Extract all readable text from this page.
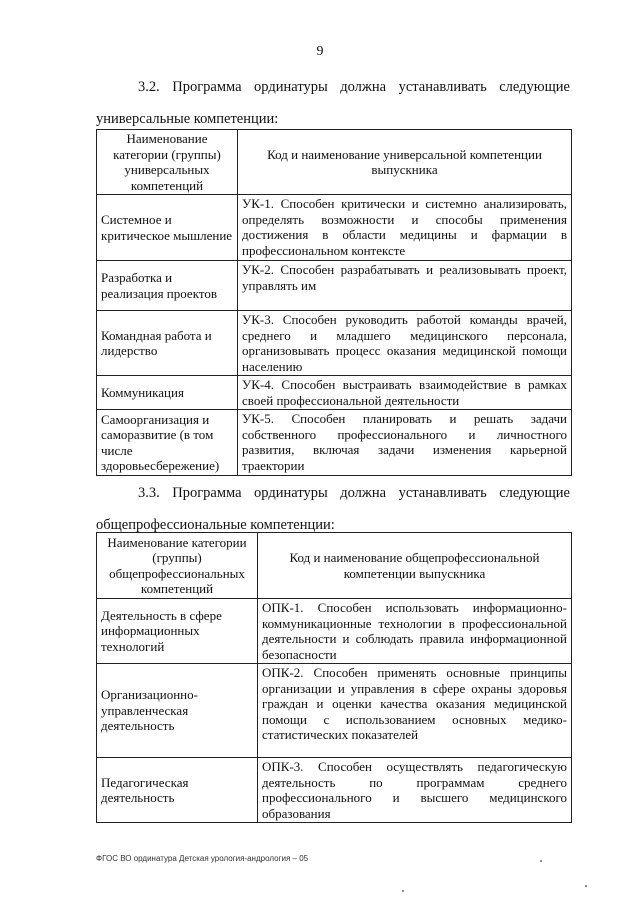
9
3.2. Программа ординатуры должна устанавливать следующие
универсальные компетенции:
Наименование категории (группы) универсальных компетенций	Код и наименование универсальной компетенции выпускника
Системное и критическое мышление	УК-1. Способен критически и системно анализировать, определять возможности и способы применения достижения в области медицины и фармации в профессиональном контексте
Разработка и реализация проектов	УК-2. Способен разрабатывать и реализовывать проект, управлять им
Командная работа и лидерство	УК-3. Способен руководить работой команды врачей, среднего и младшего медицинского персонала, организовывать процесс оказания медицинской помощи населению
Коммуникация	УК-4. Способен выстраивать взаимодействие в рамках своей профессиональной деятельности
Самоорганизация и саморазвитие (в том числе здоровьесбережение)	УК-5. Способен планировать и решать задачи собственного профессионального и личностного развития, включая задачи изменения карьерной траектории
3.3. Программа ординатуры должна устанавливать следующие
общепрофессиональные компетенции:
Наименование категории (группы) общепрофессиональных компетенций	Код и наименование общепрофессиональной компетенции выпускника
Деятельность в сфере информационных технологий	ОПК-1. Способен использовать информационно-коммуникационные технологии в профессиональной деятельности и соблюдать правила информационной безопасности
Организационно-управленческая деятельность	ОПК-2. Способен применять основные принципы организации и управления в сфере охраны здоровья граждан и оценки качества оказания медицинской помощи с использованием основных медико-статистических показателей
Педагогическая деятельность	ОПК-3. Способен осуществлять педагогическую деятельность по программам среднего профессионального и высшего медицинского образования
ФГОС ВО ординатура Детская урология-андрология – 05
